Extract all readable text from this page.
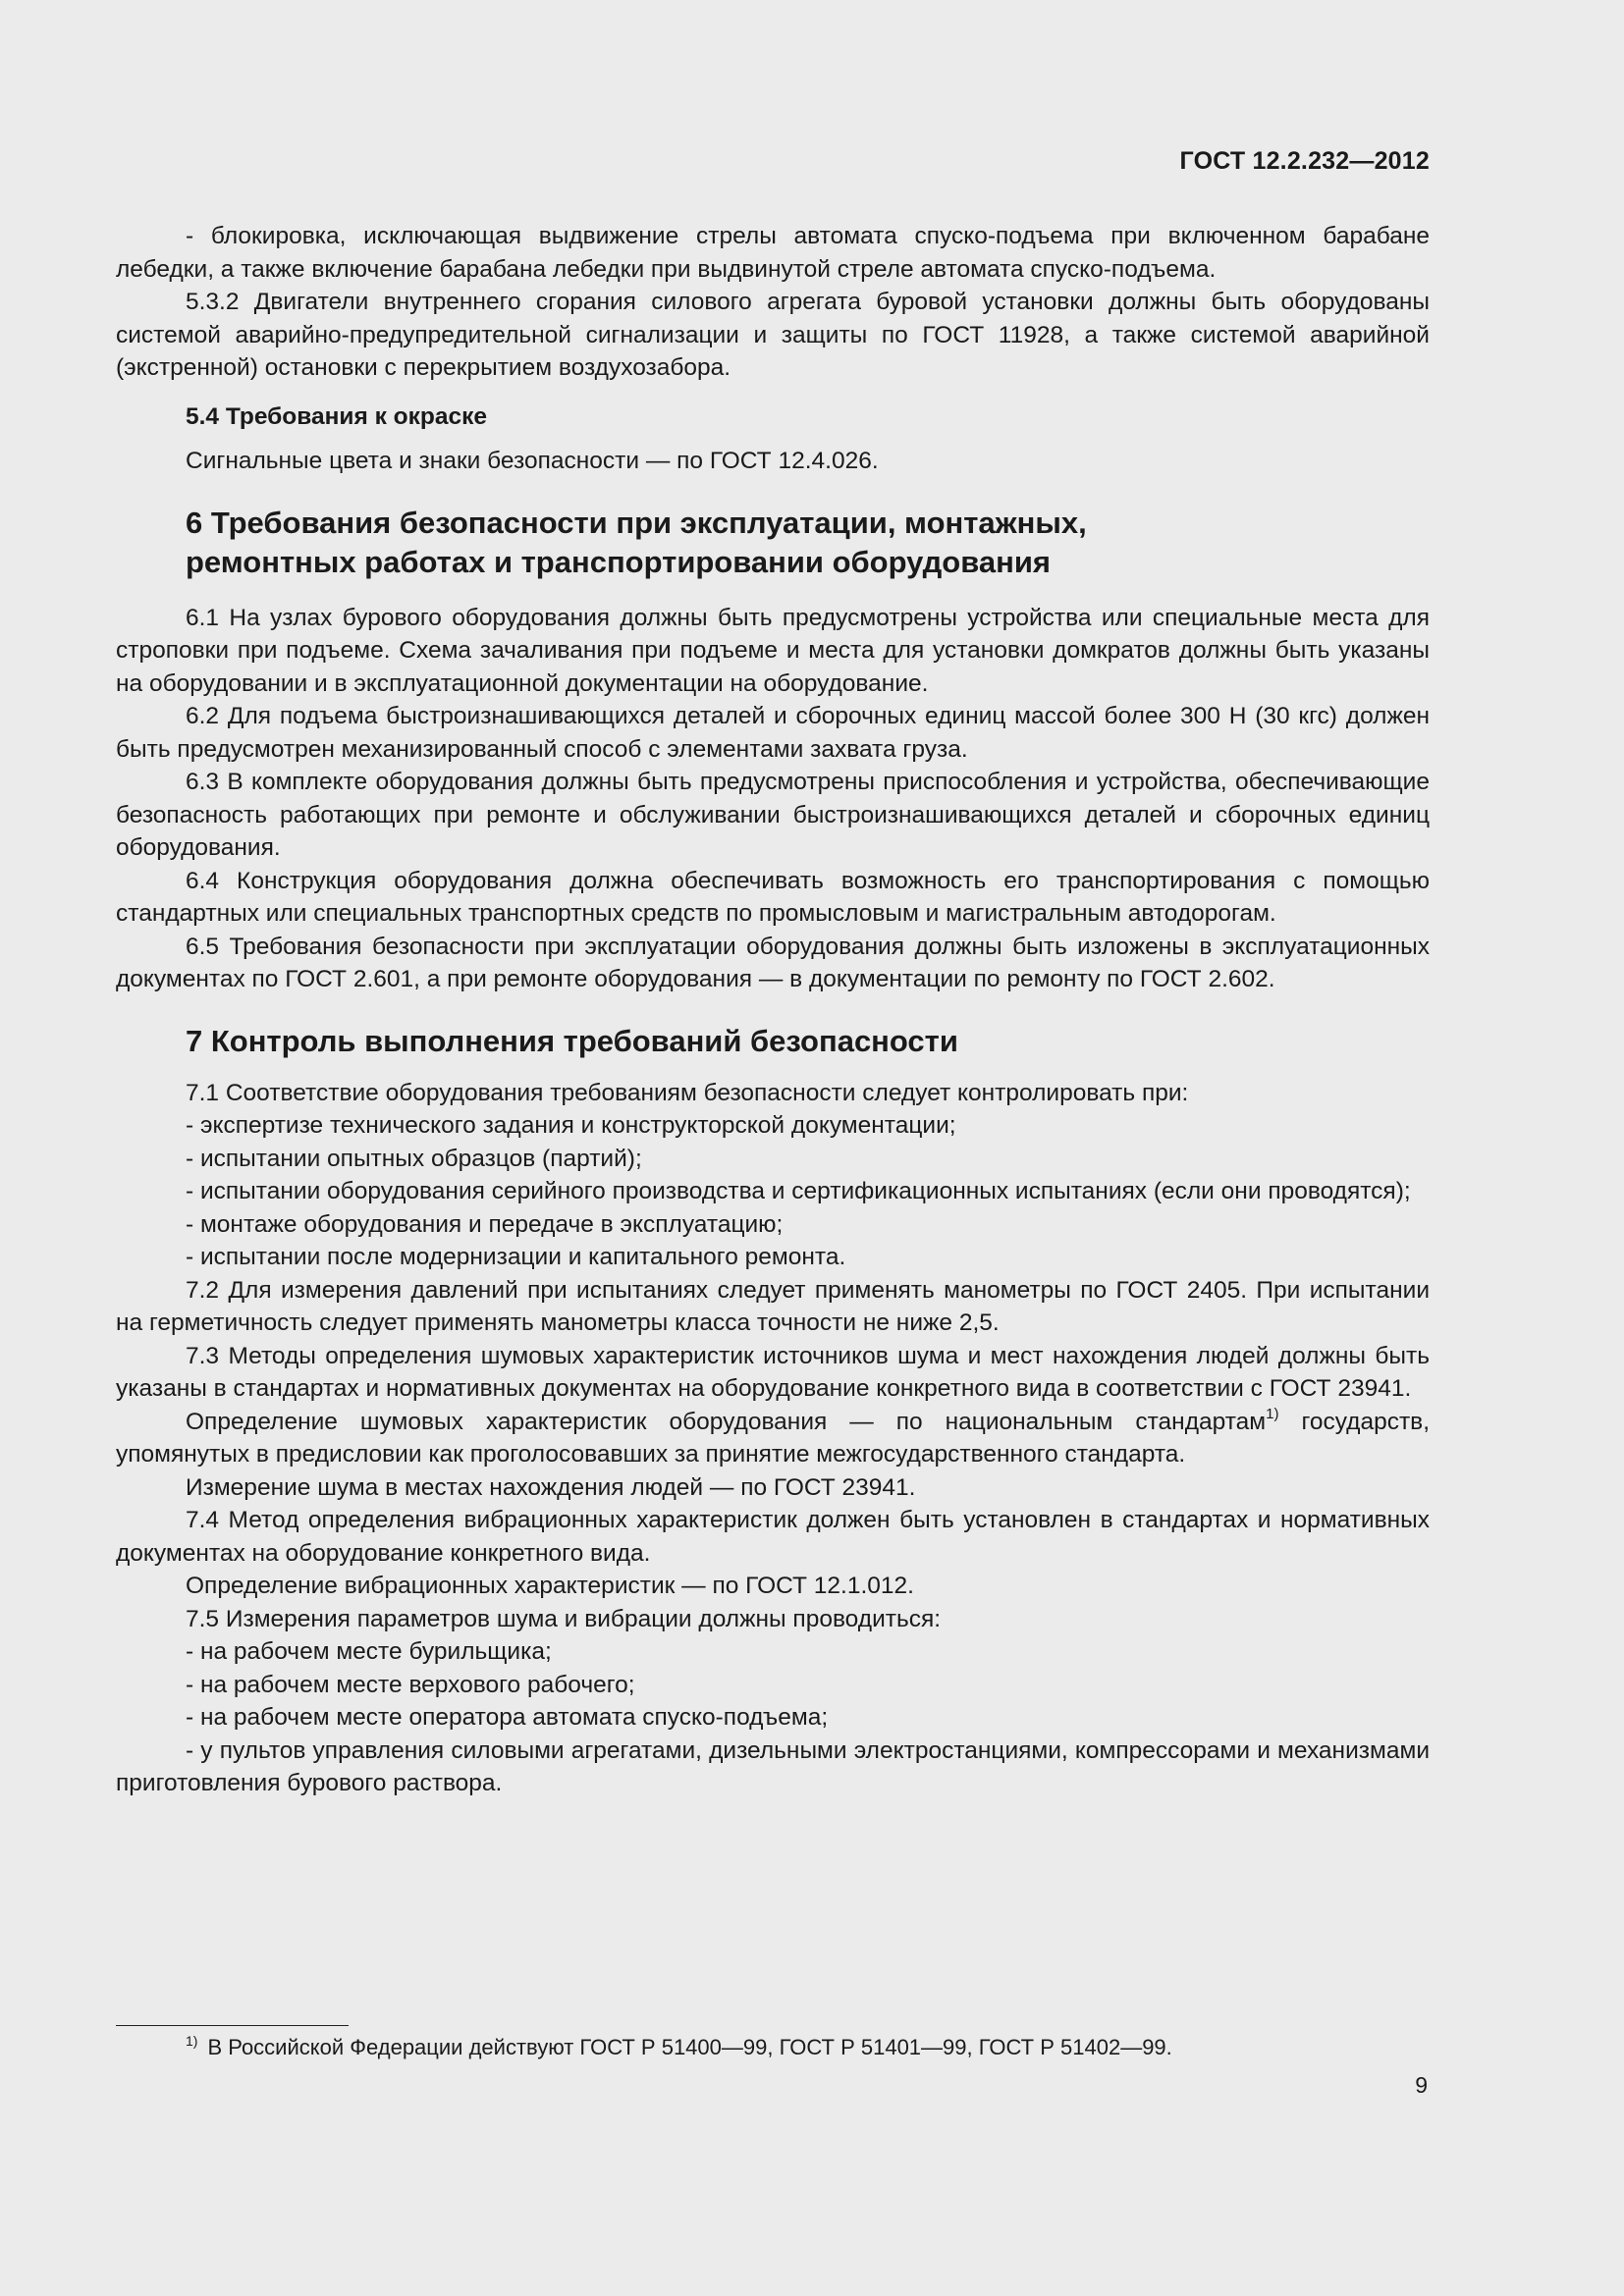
ГОСТ 12.2.232—2012

- блокировка, исключающая выдвижение стрелы автомата спуско-подъема при включенном барабане лебедки, а также включение барабана лебедки при выдвинутой стреле автомата спуско-подъема.

5.3.2 Двигатели внутреннего сгорания силового агрегата буровой установки должны быть оборудованы системой аварийно-предупредительной сигнализации и защиты по ГОСТ 11928, а также системой аварийной (экстренной) остановки с перекрытием воздухозабора.

5.4 Требования к окраске

Сигнальные цвета и знаки безопасности — по ГОСТ 12.4.026.

6 Требования безопасности при эксплуатации, монтажных,
ремонтных работах и транспортировании оборудования

6.1 На узлах бурового оборудования должны быть предусмотрены устройства или специальные места для строповки при подъеме. Схема зачаливания при подъеме и места для установки домкратов должны быть указаны на оборудовании и в эксплуатационной документации на оборудование.

6.2 Для подъема быстроизнашивающихся деталей и сборочных единиц массой более 300 Н (30 кгс) должен быть предусмотрен механизированный способ с элементами захвата груза.

6.3 В комплекте оборудования должны быть предусмотрены приспособления и устройства, обеспечивающие безопасность работающих при ремонте и обслуживании быстроизнашивающихся деталей и сборочных единиц оборудования.

6.4 Конструкция оборудования должна обеспечивать возможность его транспортирования с помощью стандартных или специальных транспортных средств по промысловым и магистральным автодорогам.

6.5 Требования безопасности при эксплуатации оборудования должны быть изложены в эксплуатационных документах по ГОСТ 2.601, а при ремонте оборудования — в документации по ремонту по ГОСТ 2.602.

7 Контроль выполнения требований безопасности

7.1 Соответствие оборудования требованиям безопасности следует контролировать при:

- экспертизе технического задания и конструкторской документации;

- испытании опытных образцов (партий);

- испытании оборудования серийного производства и сертификационных испытаниях (если они проводятся);

- монтаже оборудования и передаче в эксплуатацию;

- испытании после модернизации и капитального ремонта.

7.2 Для измерения давлений при испытаниях следует применять манометры по ГОСТ 2405. При испытании на герметичность следует применять манометры класса точности не ниже 2,5.

7.3 Методы определения шумовых характеристик источников шума и мест нахождения людей должны быть указаны в стандартах и нормативных документах на оборудование конкретного вида в соответствии с ГОСТ 23941.

Определение шумовых характеристик оборудования — по национальным стандартам$^{1)}$ государств, упомянутых в предисловии как проголосовавших за принятие межгосударственного стандарта.

Измерение шума в местах нахождения людей — по ГОСТ 23941.

7.4 Метод определения вибрационных характеристик должен быть установлен в стандартах и нормативных документах на оборудование конкретного вида.

Определение вибрационных характеристик — по ГОСТ 12.1.012.

7.5 Измерения параметров шума и вибрации должны проводиться:

- на рабочем месте бурильщика;

- на рабочем месте верхового рабочего;

- на рабочем месте оператора автомата спуско-подъема;

- у пультов управления силовыми агрегатами, дизельными электростанциями, компрессорами и механизмами приготовления бурового раствора.

$^{1)}$ В Российской Федерации действуют ГОСТ Р 51400—99, ГОСТ Р 51401—99, ГОСТ Р 51402—99.
9
